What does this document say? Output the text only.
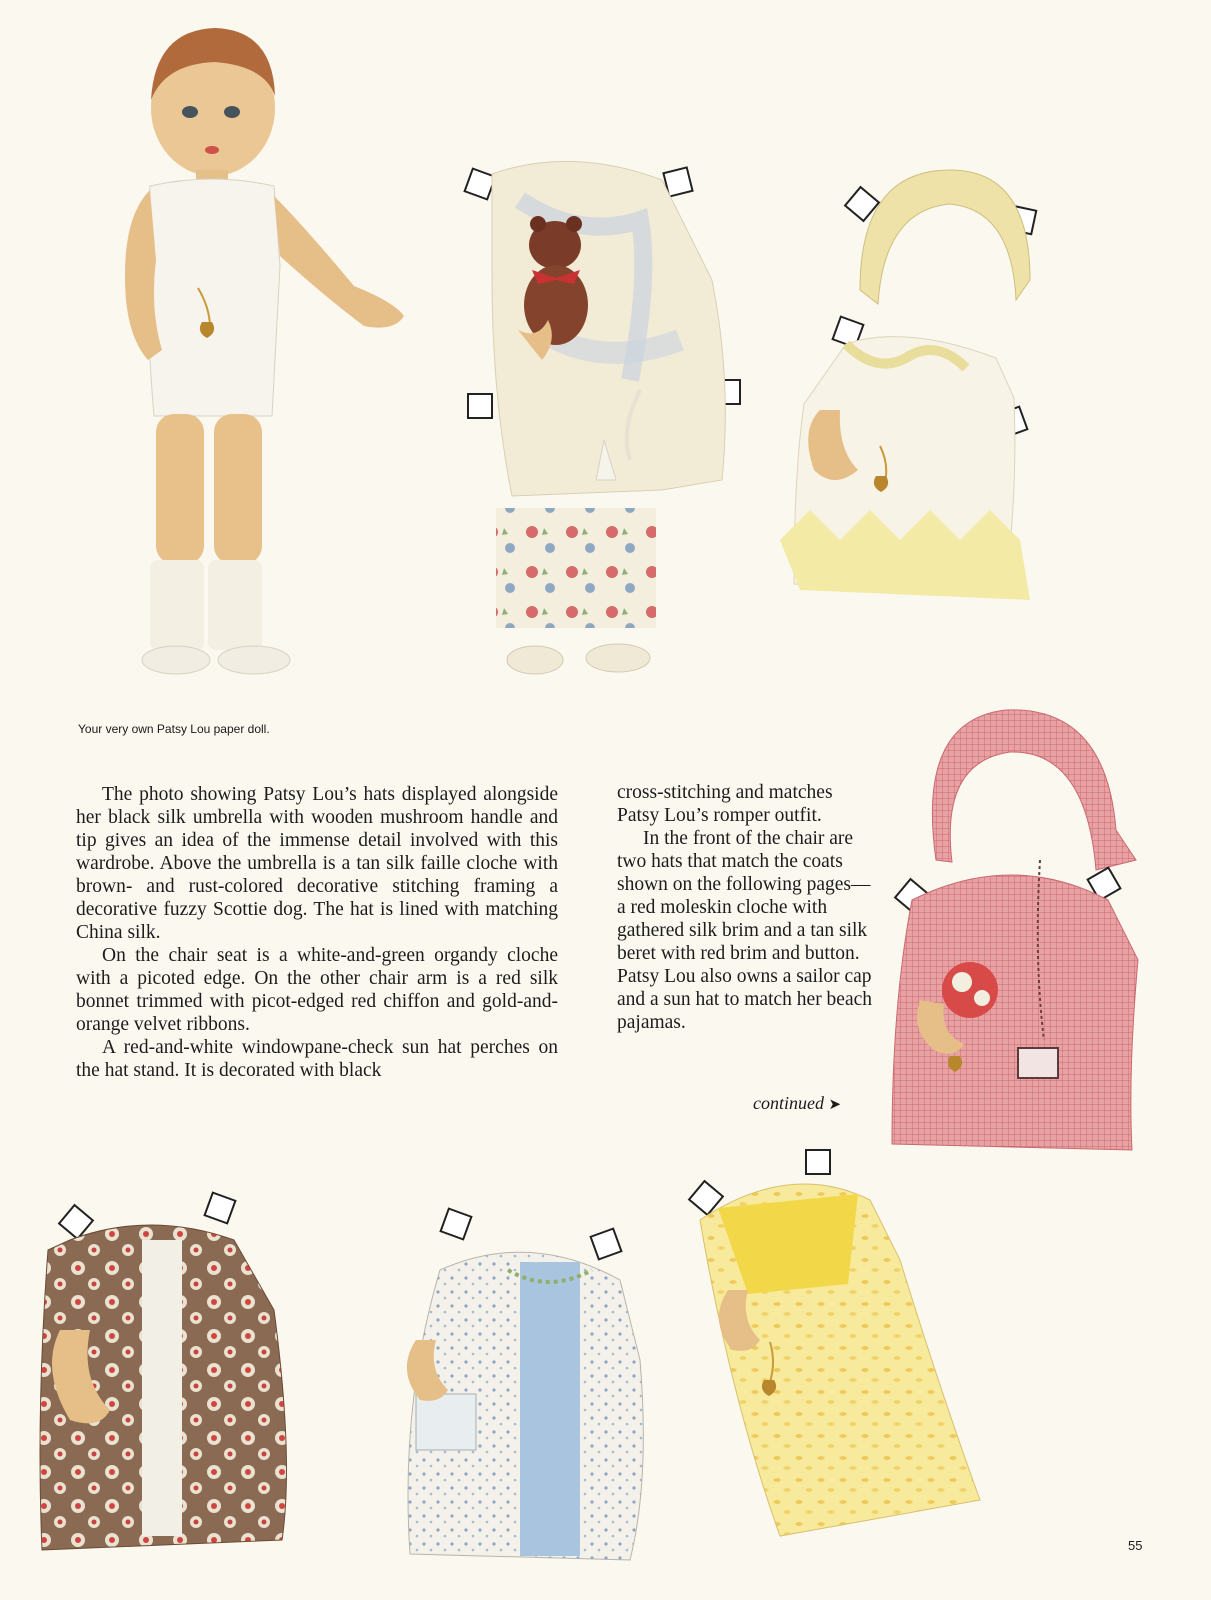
Your very own Patsy Lou paper doll.

The photo showing Patsy Lou’s hats displayed alongside her black silk umbrella with wooden mushroom handle and tip gives an idea of the immense detail involved with this wardrobe. Above the umbrella is a tan silk faille cloche with brown- and rust-colored decorative stitching framing a decorative fuzzy Scottie dog. The hat is lined with matching China silk.

On the chair seat is a white-and-green organdy cloche with a picoted edge. On the other chair arm is a red silk bonnet trimmed with picot-edged red chiffon and gold-and-orange velvet ribbons.

A red-and-white windowpane-check sun hat perches on the hat stand. It is decorated with black

cross-stitching and matches Patsy Lou’s romper outfit.

In the front of the chair are two hats that match the coats shown on the following pages— a red moleskin cloche with gathered silk brim and a tan silk beret with red brim and button. Patsy Lou also owns a sailor cap and a sun hat to match her beach pajamas.

continued ➤
55
